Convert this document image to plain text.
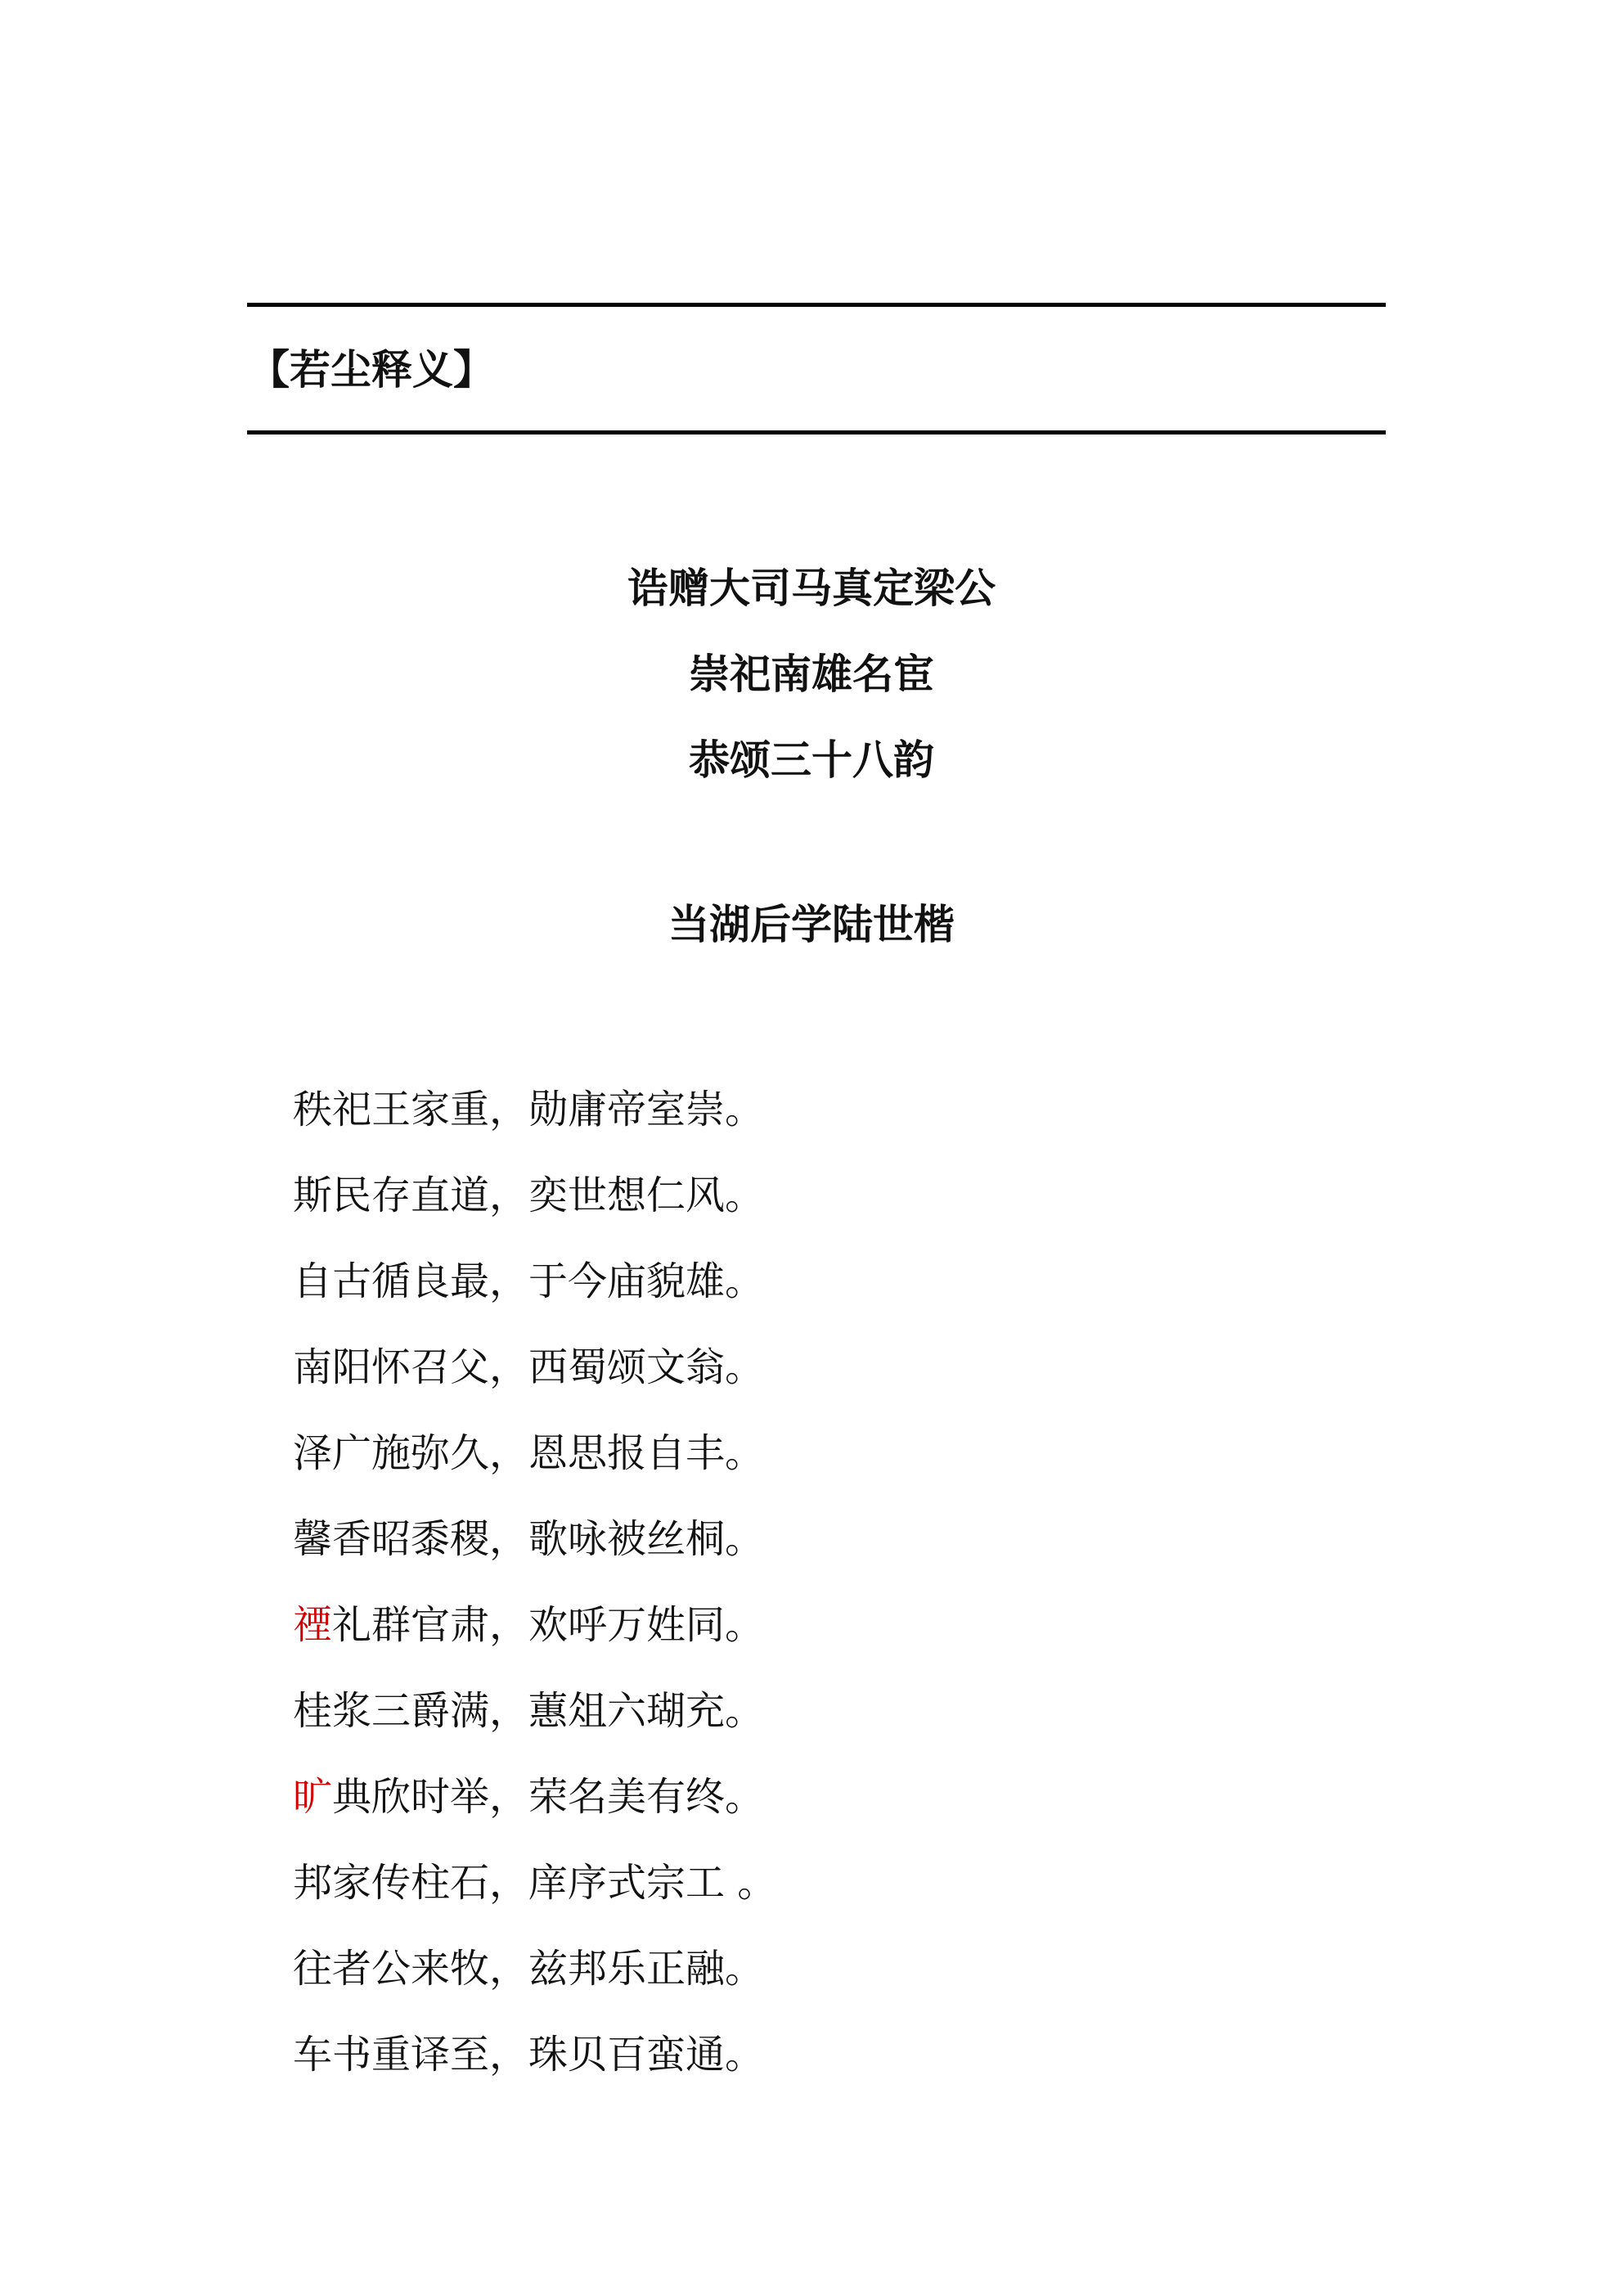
【若尘释义】
诰赠大司马真定梁公
崇祀南雄名宦
恭颂三十八韵
当湖后学陆世楷
秩祀王家重，勋庸帝室崇。
斯民存直道，奕世想仁风。
自古循良最，于今庙貌雄。
南阳怀召父，西蜀颂文翁。
泽广施弥久，恩思报自丰。
馨香昭黍稷，歌咏被丝桐。
禋礼群官肃，欢呼万姓同。
桂浆三爵满，蕙俎六瑚充。
旷典欣时举，荣名美有终。
邦家传柱石，庠序式宗工 。
往者公来牧，兹邦乐正融。
车书重译至，珠贝百蛮通。
